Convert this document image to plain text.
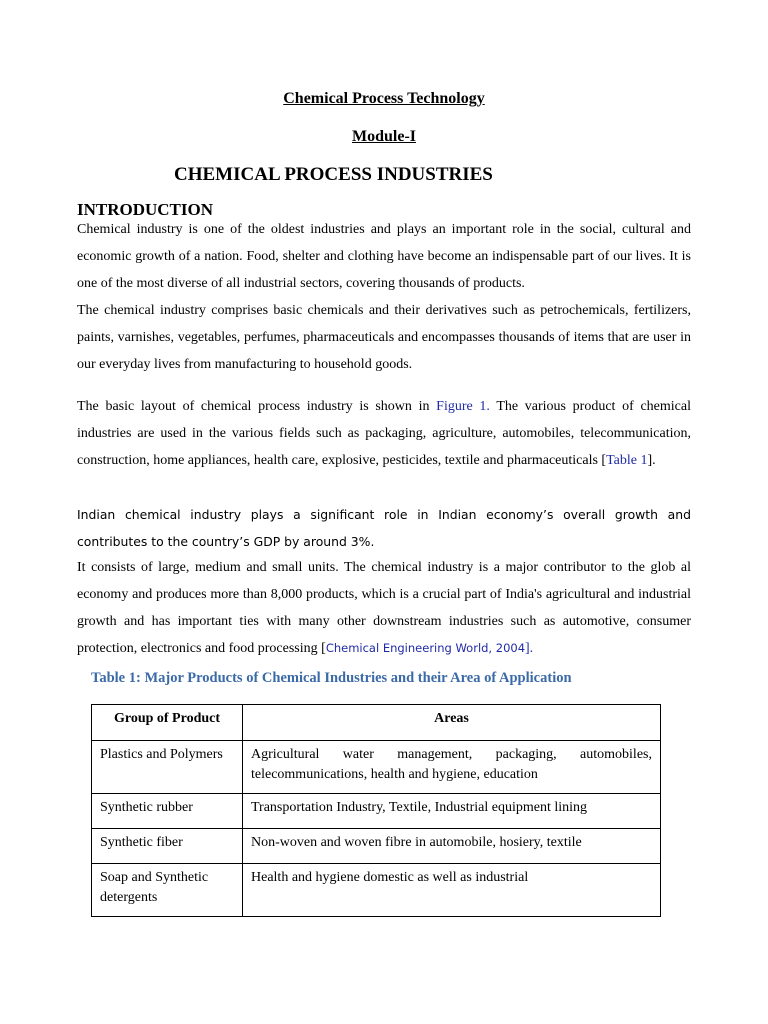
Chemical Process Technology
Module-I
CHEMICAL PROCESS INDUSTRIES
INTRODUCTION
Chemical industry is one of the oldest industries and plays an important role in the social, cultural and economic growth of a nation. Food, shelter and clothing have become an indispensable part of our lives. It is one of the most diverse of all industrial sectors, covering thousands of products.
The chemical industry comprises basic chemicals and their derivatives such as petrochemicals, fertilizers, paints, varnishes, vegetables, perfumes, pharmaceuticals and encompasses thousands of items that are user in our everyday lives from manufacturing to household goods.
The basic layout of chemical process industry is shown in Figure 1. The various product of chemical industries are used in the various fields such as packaging, agriculture, automobiles, telecommunication, construction, home appliances, health care, explosive, pesticides, textile and pharmaceuticals [Table 1].
Indian chemical industry plays a significant role in Indian economy’s overall growth and contributes to the country’s GDP by around 3%.
It consists of large, medium and small units. The chemical industry is a major contributor to the glob al economy and produces more than 8,000 products, which is a crucial part of India's agricultural and industrial growth and has important ties with many other downstream industries such as automotive, consumer protection, electronics and food processing [Chemical Engineering World, 2004].
Table 1: Major Products of Chemical Industries and their Area of Application
Group of Product	Areas
Plastics and Polymers	Agricultural water management, packaging, automobiles, telecommunications, health and hygiene, education
Synthetic rubber	Transportation Industry, Textile, Industrial equipment lining
Synthetic fiber	Non-woven and woven fibre in automobile, hosiery, textile
Soap and Synthetic detergents	Health and hygiene domestic as well as industrial
